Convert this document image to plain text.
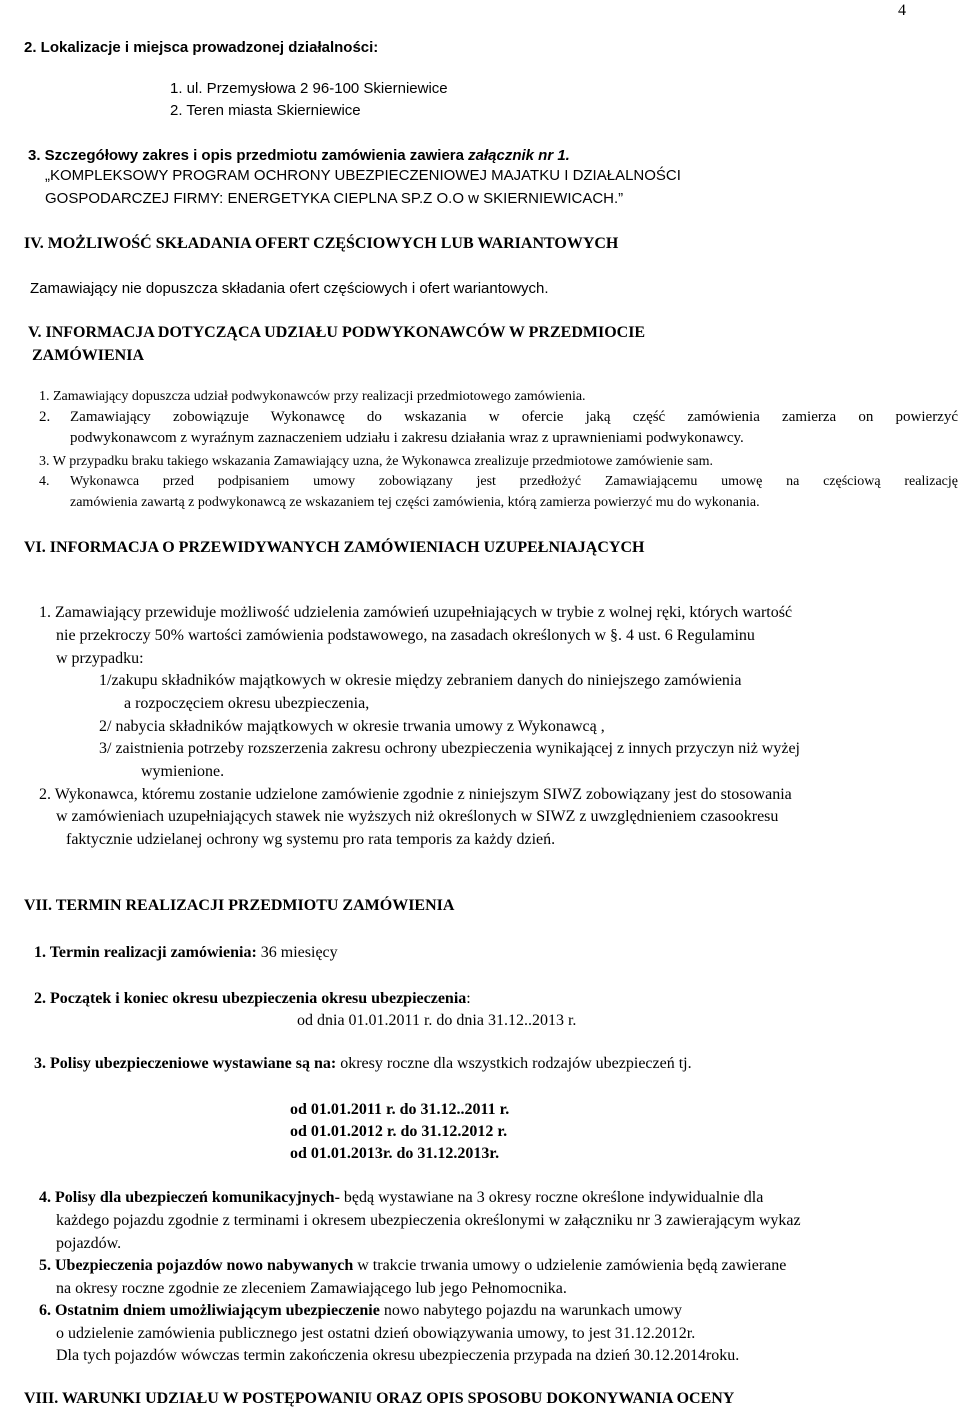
4
2. Lokalizacje i miejsca prowadzonej działalności:
1. ul. Przemysłowa 2 96-100 Skierniewice
2. Teren miasta Skierniewice
3. Szczegółowy zakres i opis przedmiotu zamówienia zawiera załącznik nr 1.
„KOMPLEKSOWY PROGRAM OCHRONY UBEZPIECZENIOWEJ MAJATKU I DZIAŁALNOŚCI
GOSPODARCZEJ FIRMY: ENERGETYKA CIEPLNA SP.Z O.O w SKIERNIEWICACH.”
IV. MOŻLIWOŚĆ SKŁADANIA OFERT CZĘŚCIOWYCH LUB WARIANTOWYCH
Zamawiający nie dopuszcza składania ofert częściowych i ofert wariantowych.
V. INFORMACJA DOTYCZĄCA UDZIAŁU PODWYKONAWCÓW W PRZEDMIOCIE
ZAMÓWIENIA
1. Zamawiający dopuszcza udział podwykonawców przy realizacji przedmiotowego zamówienia.
2. Zamawiający zobowiązuje Wykonawcę do wskazania w ofercie jaką część zamówienia zamierza on powierzyć
podwykonawcom z wyraźnym zaznaczeniem udziału i zakresu działania wraz z uprawnieniami podwykonawcy.
3. W przypadku braku takiego wskazania Zamawiający uzna, że Wykonawca zrealizuje przedmiotowe zamówienie sam.
4. Wykonawca przed podpisaniem umowy zobowiązany jest przedłożyć Zamawiającemu umowę na częściową realizację
zamówienia zawartą z podwykonawcą ze wskazaniem tej części zamówienia, którą zamierza powierzyć mu do wykonania.
VI. INFORMACJA O PRZEWIDYWANYCH ZAMÓWIENIACH UZUPEŁNIAJĄCYCH
1. Zamawiający przewiduje możliwość udzielenia zamówień uzupełniających w trybie z wolnej ręki, których wartość
nie przekroczy 50% wartości zamówienia podstawowego, na zasadach określonych w §. 4 ust. 6 Regulaminu
w przypadku:
1/zakupu składników majątkowych w okresie między zebraniem danych do niniejszego zamówienia
a rozpoczęciem okresu ubezpieczenia,
2/ nabycia składników majątkowych w okresie trwania umowy z Wykonawcą ,
3/ zaistnienia potrzeby rozszerzenia zakresu ochrony ubezpieczenia wynikającej z innych przyczyn niż wyżej
wymienione.
2. Wykonawca, któremu zostanie udzielone zamówienie zgodnie z niniejszym SIWZ zobowiązany jest do stosowania
w zamówieniach uzupełniających stawek nie wyższych niż określonych w SIWZ z uwzględnieniem czasookresu
faktycznie udzielanej ochrony wg systemu pro rata temporis za każdy dzień.
VII. TERMIN REALIZACJI PRZEDMIOTU ZAMÓWIENIA
1. Termin realizacji zamówienia: 36 miesięcy
2. Początek i koniec okresu ubezpieczenia okresu ubezpieczenia:
od dnia 01.01.2011 r. do dnia 31.12..2013 r.
3. Polisy ubezpieczeniowe wystawiane są na: okresy roczne dla wszystkich rodzajów ubezpieczeń tj.
od 01.01.2011 r. do 31.12..2011 r.
od 01.01.2012 r. do 31.12.2012 r.
od 01.01.2013r. do 31.12.2013r.
4. Polisy dla ubezpieczeń komunikacyjnych- będą wystawiane na 3 okresy roczne określone indywidualnie dla
każdego pojazdu zgodnie z terminami i okresem ubezpieczenia określonymi w załączniku nr 3 zawierającym wykaz
pojazdów.
5. Ubezpieczenia pojazdów nowo nabywanych w trakcie trwania umowy o udzielenie zamówienia będą zawierane
na okresy roczne zgodnie ze zleceniem Zamawiającego lub jego Pełnomocnika.
6. Ostatnim dniem umożliwiającym ubezpieczenie nowo nabytego pojazdu na warunkach umowy
o udzielenie zamówienia publicznego jest ostatni dzień obowiązywania umowy, to jest 31.12.2012r.
Dla tych pojazdów wówczas termin zakończenia okresu ubezpieczenia przypada na dzień 30.12.2014roku.
VIII. WARUNKI UDZIAŁU W POSTĘPOWANIU ORAZ OPIS SPOSOBU DOKONYWANIA OCENY
